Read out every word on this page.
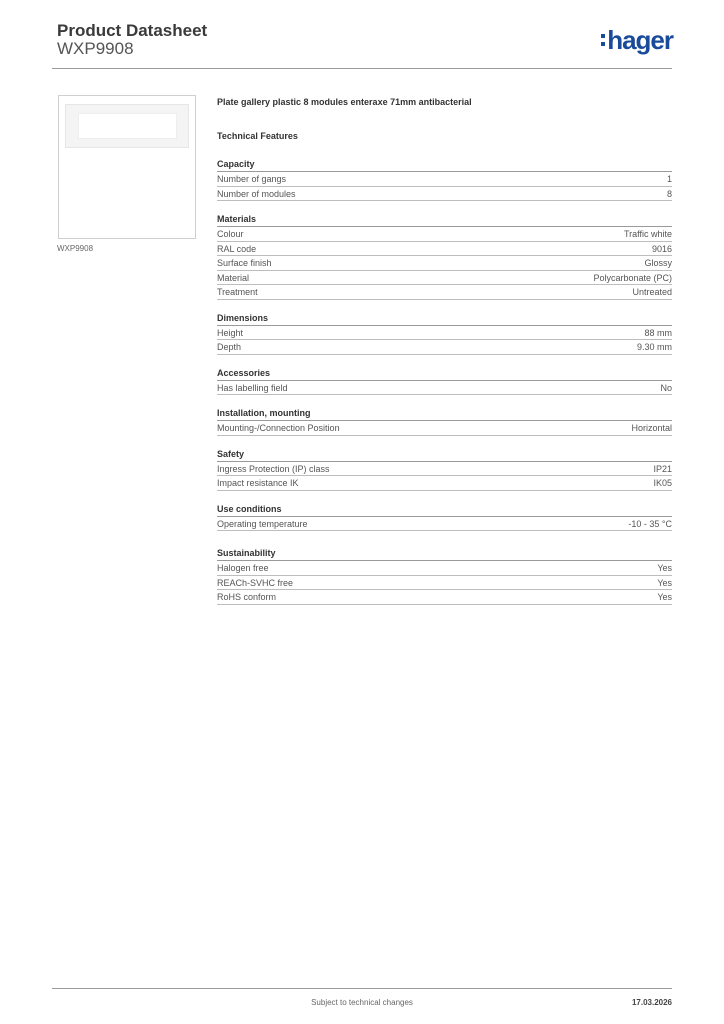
Product Datasheet
WXP9908	hager
WXP9908
Plate gallery plastic 8 modules enteraxe 71mm antibacterial
Technical Features
Capacity
Number of gangs	1
Number of modules	8
Materials
Colour	Traffic white
RAL code	9016
Surface finish	Glossy
Material	Polycarbonate (PC)
Treatment	Untreated
Dimensions
Height	88 mm
Depth	9.30 mm
Accessories
Has labelling field	No
Installation, mounting
Mounting-/Connection Position	Horizontal
Safety
Ingress Protection (IP) class	IP21
Impact resistance IK	IK05
Use conditions
Operating temperature	-10 - 35 °C
Sustainability
Halogen free	Yes
REACh-SVHC free	Yes
RoHS conform	Yes
Subject to technical changes	17.03.2026
